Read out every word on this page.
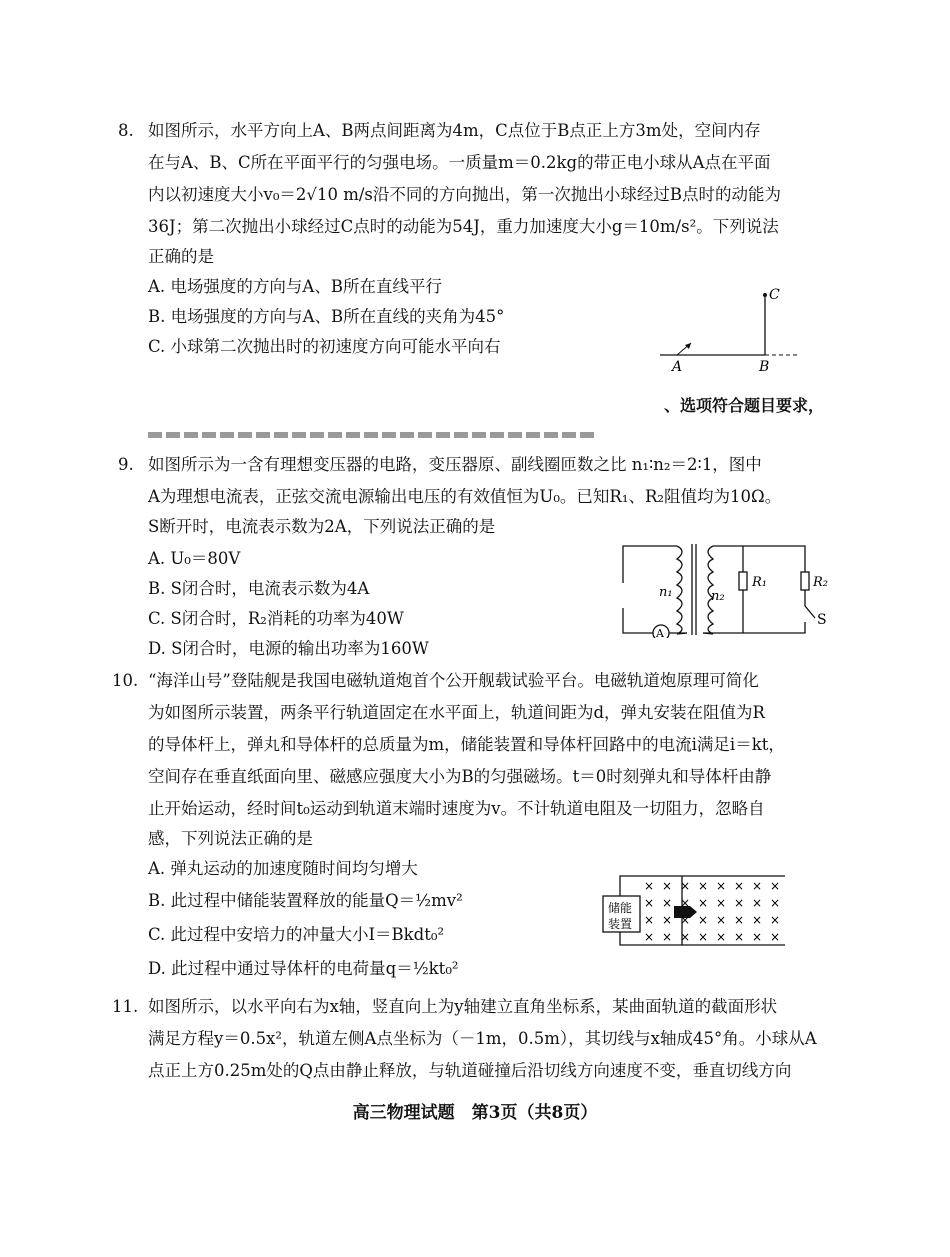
8. 如图所示，水平方向上A、B两点间距离为4m，C点位于B点正上方3m处，空间内存
在与A、B、C所在平面平行的匀强电场。一质量m＝0.2kg的带正电小球从A点在平面
内以初速度大小v₀＝2√10 m/s沿不同的方向抛出，第一次抛出小球经过B点时的动能为
36J；第二次抛出小球经过C点时的动能为54J，重力加速度大小g＝10m/s²。下列说法
正确的是
A. 电场强度的方向与A、B所在直线平行
B. 电场强度的方向与A、B所在直线的夹角为45°
C. 小球第二次抛出时的初速度方向可能水平向右
C
A	B
、选项符合题目要求，
9. 如图所示为一含有理想变压器的电路，变压器原、副线圈匝数之比 n₁∶n₂＝2∶1，图中
A为理想电流表，正弦交流电源输出电压的有效值恒为U₀。已知R₁、R₂阻值均为10Ω。
S断开时，电流表示数为2A，下列说法正确的是
A. U₀＝80V
B. S闭合时，电流表示数为4A
C. S闭合时，R₂消耗的功率为40W
D. S闭合时，电源的输出功率为160W
A
n₁	n₂
R₁	R₂
S
10. “海洋山号”登陆舰是我国电磁轨道炮首个公开舰载试验平台。电磁轨道炮原理可简化
为如图所示装置，两条平行轨道固定在水平面上，轨道间距为d，弹丸安装在阻值为R
的导体杆上，弹丸和导体杆的总质量为m，储能装置和导体杆回路中的电流i满足i＝kt，
空间存在垂直纸面向里、磁感应强度大小为B的匀强磁场。t＝0时刻弹丸和导体杆由静
止开始运动，经时间t₀运动到轨道末端时速度为v。不计轨道电阻及一切阻力，忽略自
感，下列说法正确的是
A. 弹丸运动的加速度随时间均匀增大
B. 此过程中储能装置释放的能量Q＝½mv²
C. 此过程中安培力的冲量大小I＝Bkdt₀²
D. 此过程中通过导体杆的电荷量q＝½kt₀²
× × × × × × × ×
× × × × × × × ×
× × × × × × × ×
× × × × × × × ×
储能
装置
11. 如图所示，以水平向右为x轴，竖直向上为y轴建立直角坐标系，某曲面轨道的截面形状
满足方程y＝0.5x²，轨道左侧A点坐标为（－1m，0.5m），其切线与x轴成45°角。小球从A
点正上方0.25m处的Q点由静止释放，与轨道碰撞后沿切线方向速度不变，垂直切线方向
高三物理试题　第3页（共8页）
